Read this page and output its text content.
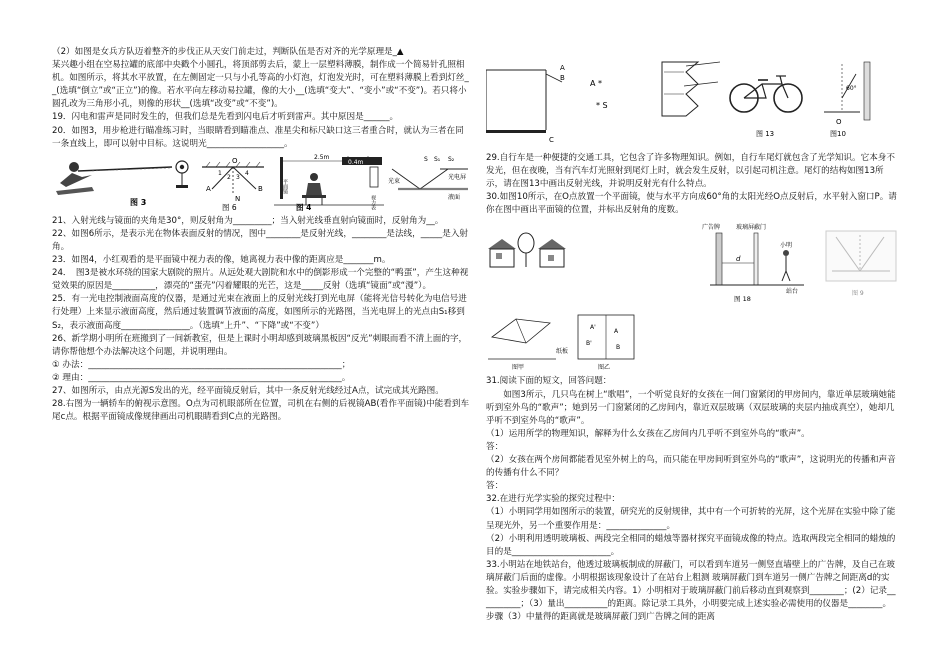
（2）如图是女兵方队迈着整齐的步伐正从天安门前走过，判断队伍是否对齐的光学原理是_▲

某兴趣小组在空易拉罐的底部中央戳个小圆孔，将顶部剪去后，蒙上一层塑料薄膜，制作成一个简易针孔照相机。如图所示，将其水平放置，在左侧固定一只与小孔等高的小灯泡，灯泡发光时，可在塑料薄膜上看到灯丝__(选填“倒立”或“正立”)的像。若水平向左移动易拉罐，像的大小__(选填“变大”、“变小”或“不变”)。若只将小圆孔改为三角形小孔，则像的形状__(选填“改变”或“不变”)。

19．闪电和雷声是同时发生的，但我们总是先看到闪电后才听到雷声。其中原因是______。

20．如图3，用步枪进行瞄准练习时，当眼睛看到瞄准点、准星尖和标尺缺口这三者重合时，就认为三者在同一条直线上，即可以射中目标。这说明光__________________。

图 3
O
A	B
N
1
2 3
4
图 6
2.5m
0.4m
平面镜
视力表
图 4
S S₁ S₂
光束
光电屏
液面

21、入射光线与镜面的夹角是30°，则反射角为_________；当入射光线垂直射向镜面时，反射角为__。

22、如图6所示，是表示光在物体表面反射的情况，图中________是反射光线，________是法线，_____是入射角。

23．如图4，小红观看的是平面镜中视力表的像，她离视力表中像的距离应是_______m。

24．　图3是被水环绕的国家大剧院的照片。从远处观大剧院和水中的倒影形成一个完整的“鸭蛋”，产生这种视觉效果的原因是__________，漂亮的“蛋壳”闪着耀眼的光芒，这是_____反射（选填“镜面”或“漫”）。

25．有一光电控制液面高度的仪器，是通过光束在液面上的反射光线打到光电屏（能将光信号转化为电信号进行处理）上来显示液面高度，然后通过装置调节液面的高度，如图所示的光路图，当光电屏上的光点由S₁移到S₂，表示液面高度________________。（选填“上升”、“下降”或“不变”）

26、新学期小明所在班搬到了一间新教室，但是上课时小明却感到玻璃黑板因“反光”刺眼而看不清上面的字，请你帮他想个办法解决这个问题，并说明理由。

① 办法：___________________________________________________________；

② 理由：___________________________________________________________。

27、如图所示，由点光源S发出的光，经平面镜反射后，其中一条反射光线经过A点，试完成其光路图。

28.右图为一辆轿车的俯视示意图。O点为司机眼部所在位置，司机在右侧的后视镜AB(看作平面镜)中能看到车尾c点。根据平面镜成像规律画出司机眼睛看到C点的光路图。

A
B
C
A *
* S
图 13
60°
O
图10

29.自行车是一种便捷的交通工具，它包含了许多物理知识。例如，自行车尾灯就包含了光学知识。它本身不发光，但在夜晚，当有汽车灯光照射到尾灯上时，就会发生反射，以引起司机注意。尾灯的结构如图13所示，请在图13中画出反射光线，并说明反射光有什么特点。

30.如图10所示，在O点放置一个平面镜，使与水平方向成60°角的太阳光经O点反射后，水平射入窗口P。请你在图中画出平面镜的位置，并标出反射角的度数。

广告牌	玻璃屏蔽门
d
小明
站台
图 18
图 9
图甲
纸板
A'
A
B'
B
图乙

31.阅读下面的短文，回答问题：

如图3所示，几只鸟在树上“歌唱”，一个听觉良好的女孩在一间门窗紧闭的甲房间内，靠近单层玻璃她能听到室外鸟的“歌声”；她到另一门窗紧闭的乙房间内，靠近双层玻璃（双层玻璃的夹层内抽成真空），她却几乎听不到室外鸟的“歌声”。

（1）运用所学的物理知识，解释为什么女孩在乙房间内几乎听不到室外鸟的“歌声”。

答：

（2）女孩在两个房间都能看见室外树上的鸟，而只能在甲房间听到室外鸟的“歌声”，这说明光的传播和声音的传播有什么不同？

答：

32.在进行光学实验的探究过程中：

（1）小明同学用如图所示的装置，研究光的反射规律，其中有一个可折转的光屏，这个光屏在实验中除了能呈现光外，另一个重要作用是：______________。

（2）小明利用透明玻璃板、两段完全相同的蜡烛等器材探究平面镜成像的特点。选取两段完全相同的蜡烛的目的是_______________________。

33.小明站在地铁站台，他透过玻璃板制成的屏蔽门，可以看到车道另一侧竖直墙壁上的广告牌，及自己在玻璃屏蔽门后面的虚像。小明根据该现象设计了在站台上粗测 玻璃屏蔽门到车道另一侧广告牌之间距离d的实验。实验步骤如下，请完成相关内容。1）小明相对于玻璃屏蔽门前后移动直到观察到________；(2）记录__________；（3）量出__________的距离。除记录工具外，小明要完成上述实验必需使用的仪器是________。步骤（3）中量得的距离就是玻璃屏蔽门到广告牌之间的距离
